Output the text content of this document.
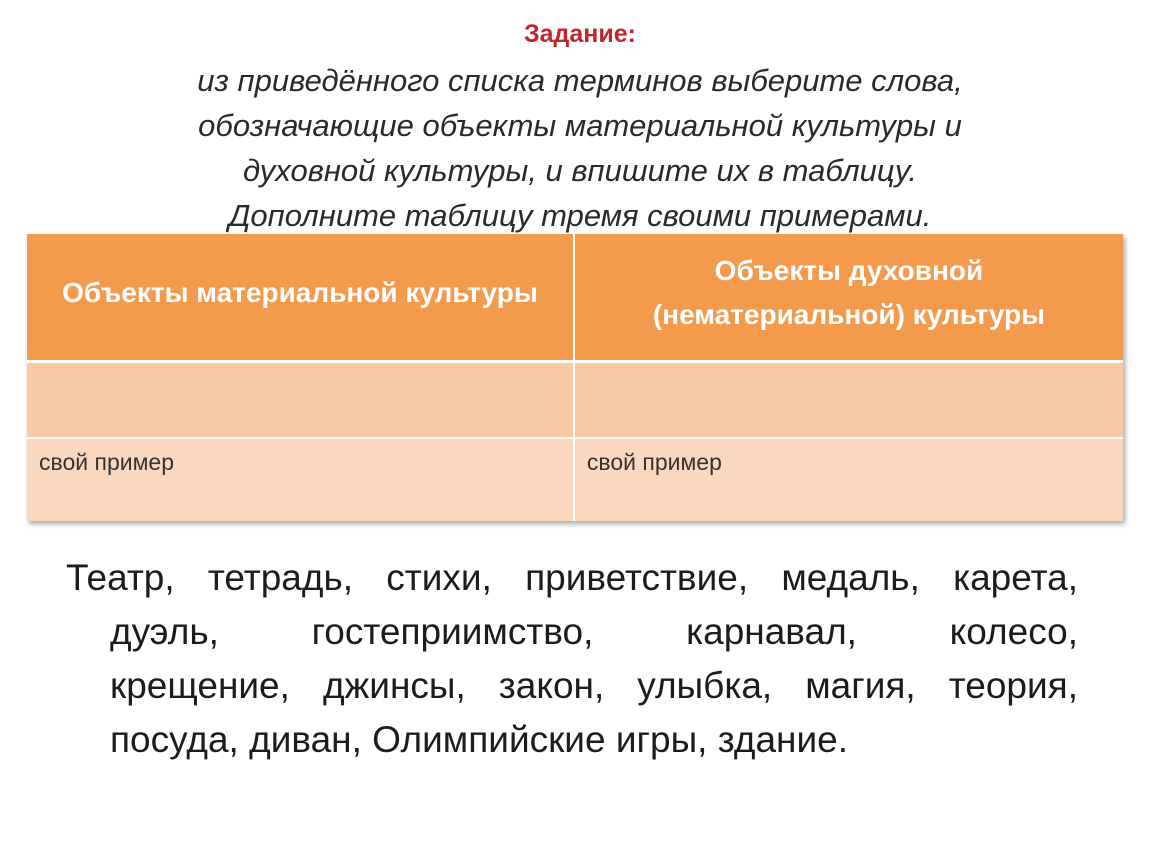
Задание:
из приведённого списка терминов выберите слова,
обозначающие объекты материальной культуры и
духовной культуры, и впишите их в таблицу.
Дополните таблицу тремя своими примерами.
Объекты материальной культуры	Объекты духовной (нематериальной) культуры

свой пример	свой пример
Театр, тетрадь, стихи, приветствие, медаль, карета,
дуэль,	гостеприимство,	карнавал,	колесо,
крещение, джинсы, закон, улыбка, магия, теория,
посуда, диван, Олимпийские игры, здание.
